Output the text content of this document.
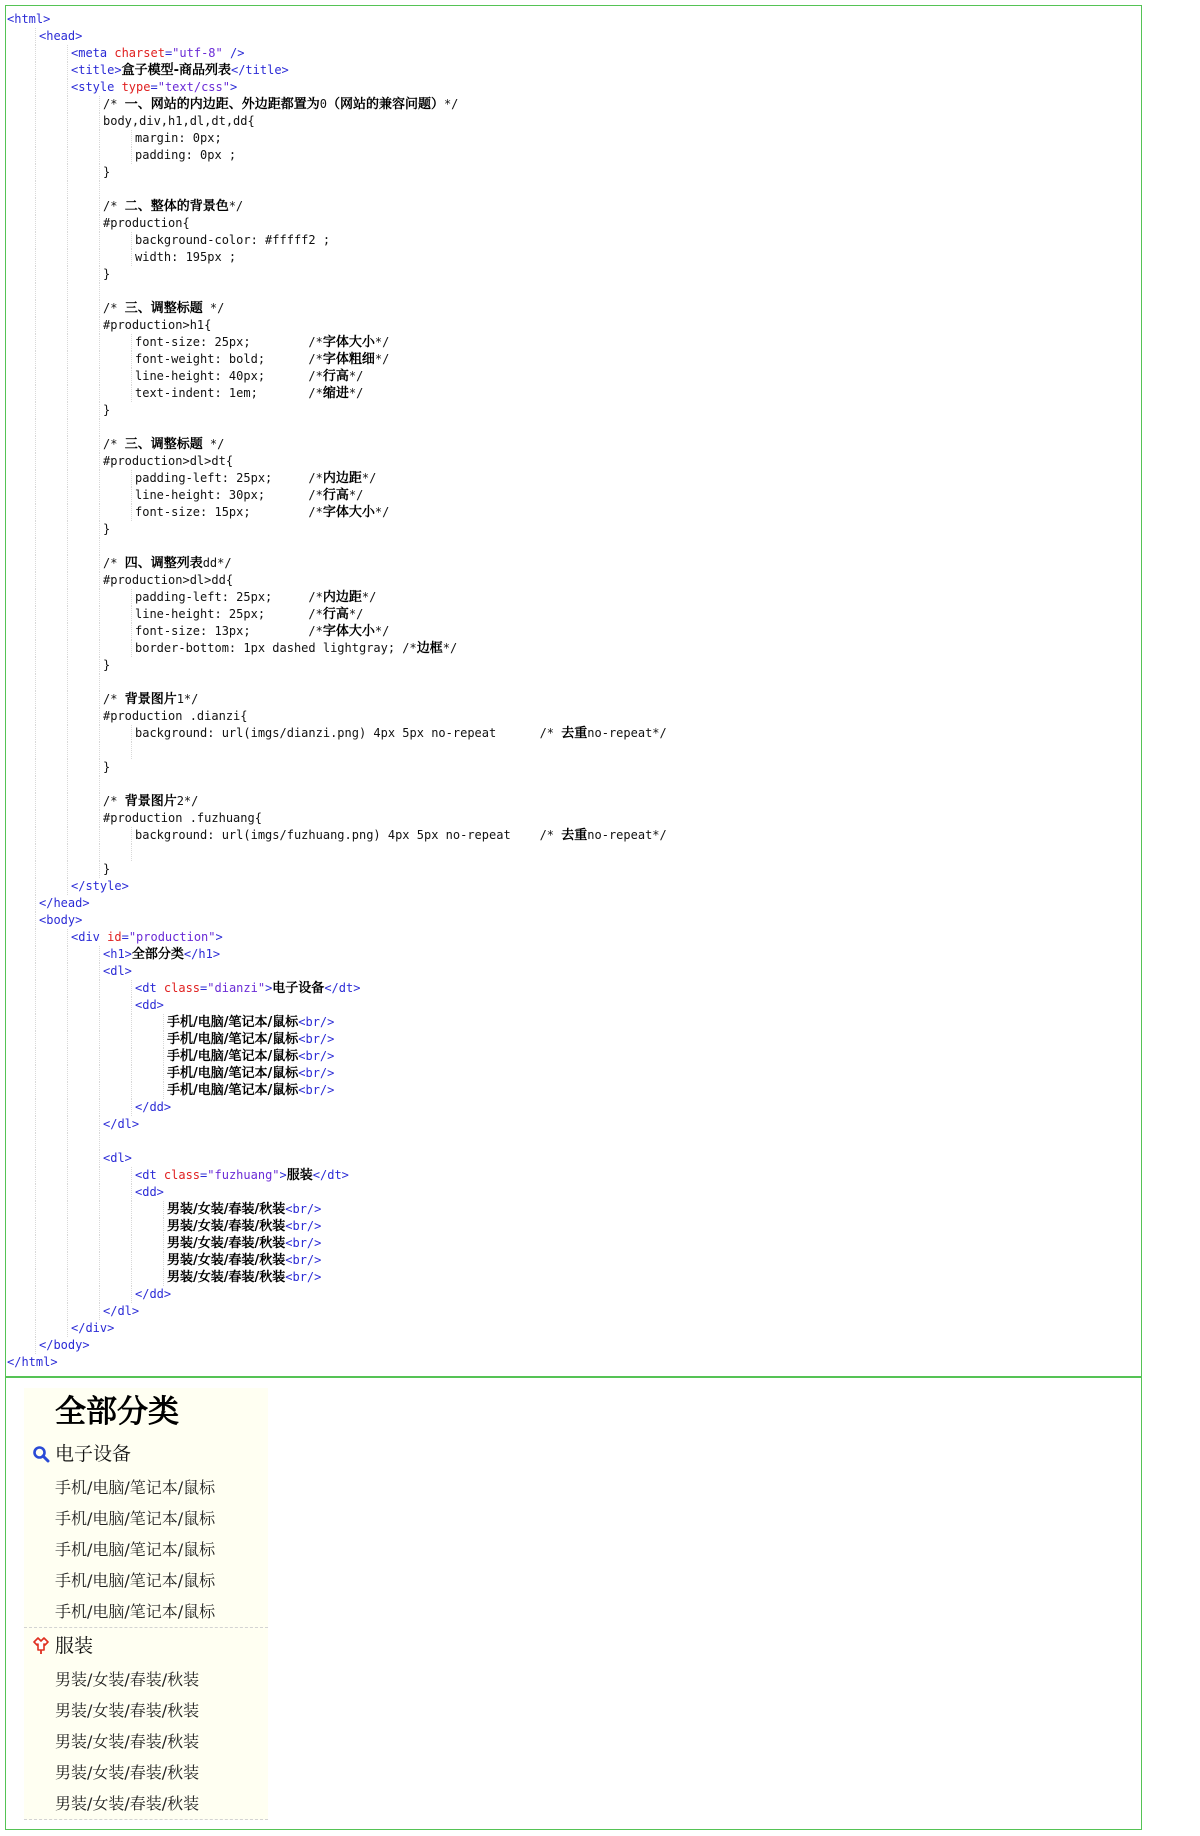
<html>
<head>
<meta charset="utf-8" />
<title>盒子模型-商品列表</title>
<style type="text/css">
/* 一、网站的内边距、外边距都置为0（网站的兼容问题）*/
body,div,h1,dl,dt,dd{
margin: 0px;
padding: 0px ;
}
/* 二、整体的背景色*/
#production{
background-color: #fffff2 ;
width: 195px ;
}
/* 三、调整标题 */
#production>h1{
font-size: 25px;        /*字体大小*/
font-weight: bold;      /*字体粗细*/
line-height: 40px;      /*行高*/
text-indent: 1em;       /*缩进*/
}
/* 三、调整标题 */
#production>dl>dt{
padding-left: 25px;     /*内边距*/
line-height: 30px;      /*行高*/
font-size: 15px;        /*字体大小*/
}
/* 四、调整列表dd*/
#production>dl>dd{
padding-left: 25px;     /*内边距*/
line-height: 25px;      /*行高*/
font-size: 13px;        /*字体大小*/
border-bottom: 1px dashed lightgray; /*边框*/
}
/* 背景图片1*/
#production .dianzi{
background: url(imgs/dianzi.png) 4px 5px no-repeat      /* 去重no-repeat*/
}
/* 背景图片2*/
#production .fuzhuang{
background: url(imgs/fuzhuang.png) 4px 5px no-repeat    /* 去重no-repeat*/
}
</style>
</head>
<body>
<div id="production">
<h1>全部分类</h1>
<dl>
<dt class="dianzi">电子设备</dt>
<dd>
手机/电脑/笔记本/鼠标<br/>
手机/电脑/笔记本/鼠标<br/>
手机/电脑/笔记本/鼠标<br/>
手机/电脑/笔记本/鼠标<br/>
手机/电脑/笔记本/鼠标<br/>
</dd>
</dl>
<dl>
<dt class="fuzhuang">服装</dt>
<dd>
男装/女装/春装/秋装<br/>
男装/女装/春装/秋装<br/>
男装/女装/春装/秋装<br/>
男装/女装/春装/秋装<br/>
男装/女装/春装/秋装<br/>
</dd>
</dl>
</div>
</body>
</html>
全部分类
电子设备
手机/电脑/笔记本/鼠标
手机/电脑/笔记本/鼠标
手机/电脑/笔记本/鼠标
手机/电脑/笔记本/鼠标
手机/电脑/笔记本/鼠标
服装
男装/女装/春装/秋装
男装/女装/春装/秋装
男装/女装/春装/秋装
男装/女装/春装/秋装
男装/女装/春装/秋装
